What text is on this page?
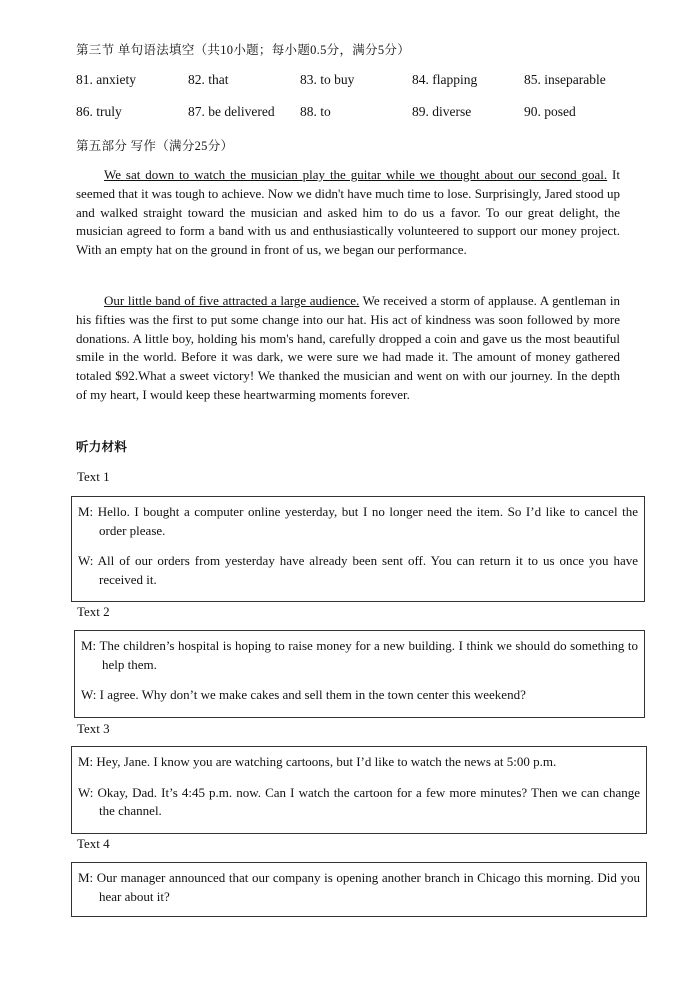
第三节 单句语法填空（共10小题；每小题0.5分，满分5分）
81. anxiety	82. that	83. to buy	84. flapping	85. inseparable
86. truly	87. be delivered 88. to	89. diverse	90. posed
第五部分 写作（满分25分）

We sat down to watch the musician play the guitar while we thought about our second goal. It seemed that it was tough to achieve. Now we didn't have much time to lose. Surprisingly, Jared stood up and walked straight toward the musician and asked him to do us a favor. To our great delight, the musician agreed to form a band with us and enthusiastically volunteered to support our money project. With an empty hat on the ground in front of us, we began our performance.

Our little band of five attracted a large audience. We received a storm of applause. A gentleman in his fifties was the first to put some change into our hat. His act of kindness was soon followed by more donations. A little boy, holding his mom's hand, carefully dropped a coin and gave us the most beautiful smile in the world. Before it was dark, we were sure we had made it. The amount of money gathered totaled $92.What a sweet victory! We thanked the musician and went on with our journey. In the depth of my heart, I would keep these heartwarming moments forever.

听力材料
Text 1

M: Hello. I bought a computer online yesterday, but I no longer need the item. So I’d like to cancel the order please.

W: All of our orders from yesterday have already been sent off. You can return it to us once you have received it.

Text 2

M: The children’s hospital is hoping to raise money for a new building. I think we should do something to help them.

W: I agree. Why don’t we make cakes and sell them in the town center this weekend?

Text 3

M: Hey, Jane. I know you are watching cartoons, but I’d like to watch the news at 5:00 p.m.

W: Okay, Dad. It’s 4:45 p.m. now. Can I watch the cartoon for a few more minutes? Then we can change the channel.

Text 4

M: Our manager announced that our company is opening another branch in Chicago this morning. Did you hear about it?
